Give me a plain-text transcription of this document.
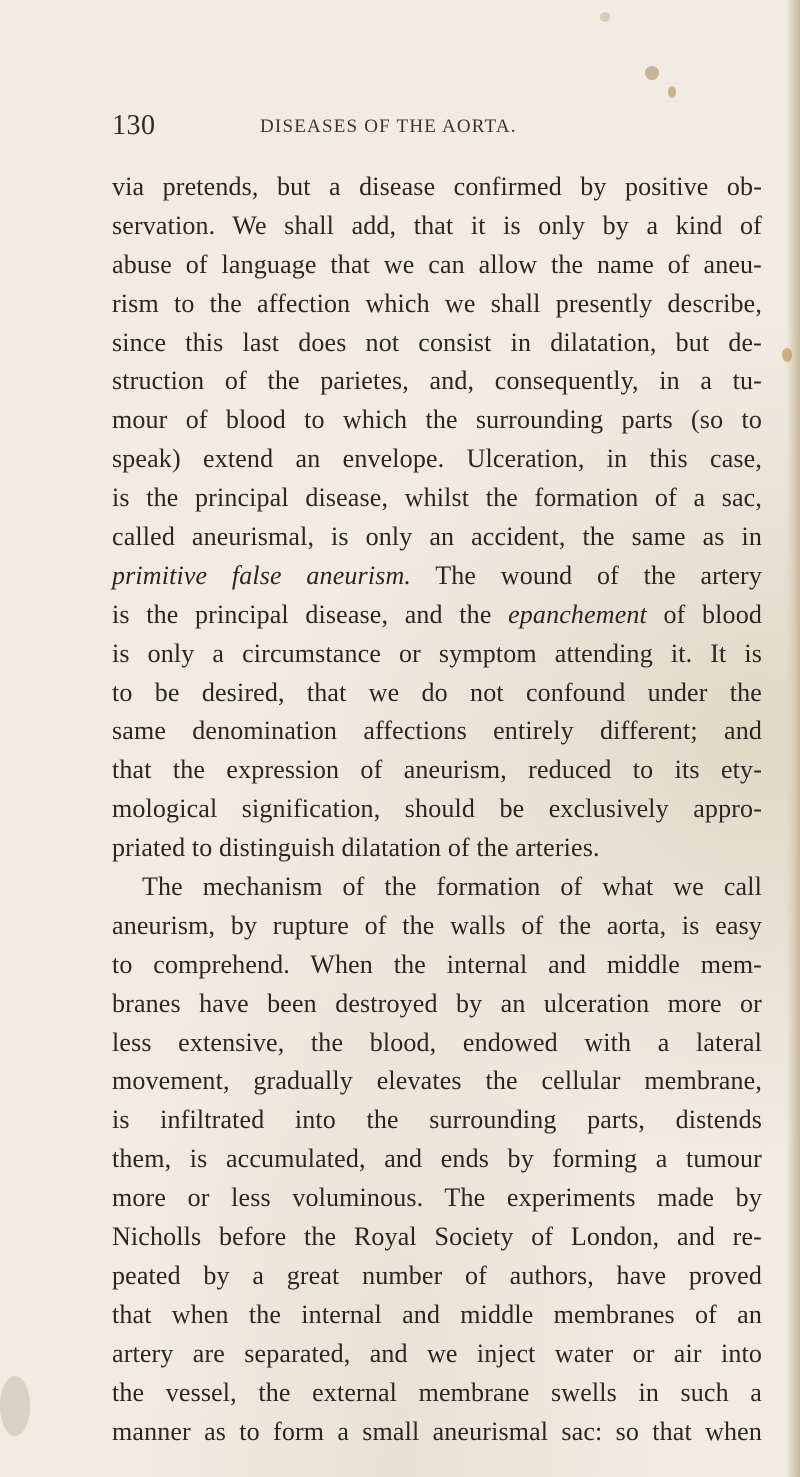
130	DISEASES OF THE AORTA.
via pretends, but a disease confirmed by positive ob-
servation. We shall add, that it is only by a kind of
abuse of language that we can allow the name of aneu-
rism to the affection which we shall presently describe,
since this last does not consist in dilatation, but de-
struction of the parietes, and, consequently, in a tu-
mour of blood to which the surrounding parts (so to
speak) extend an envelope. Ulceration, in this case,
is the principal disease, whilst the formation of a sac,
called aneurismal, is only an accident, the same as in
primitive false aneurism. The wound of the artery
is the principal disease, and the epanchement of blood
is only a circumstance or symptom attending it. It is
to be desired, that we do not confound under the
same denomination affections entirely different; and
that the expression of aneurism, reduced to its ety-
mological signification, should be exclusively appro-
priated to distinguish dilatation of the arteries.
The mechanism of the formation of what we call
aneurism, by rupture of the walls of the aorta, is easy
to comprehend. When the internal and middle mem-
branes have been destroyed by an ulceration more or
less extensive, the blood, endowed with a lateral
movement, gradually elevates the cellular membrane,
is infiltrated into the surrounding parts, distends
them, is accumulated, and ends by forming a tumour
more or less voluminous. The experiments made by
Nicholls before the Royal Society of London, and re-
peated by a great number of authors, have proved
that when the internal and middle membranes of an
artery are separated, and we inject water or air into
the vessel, the external membrane swells in such a
manner as to form a small aneurismal sac: so that when
